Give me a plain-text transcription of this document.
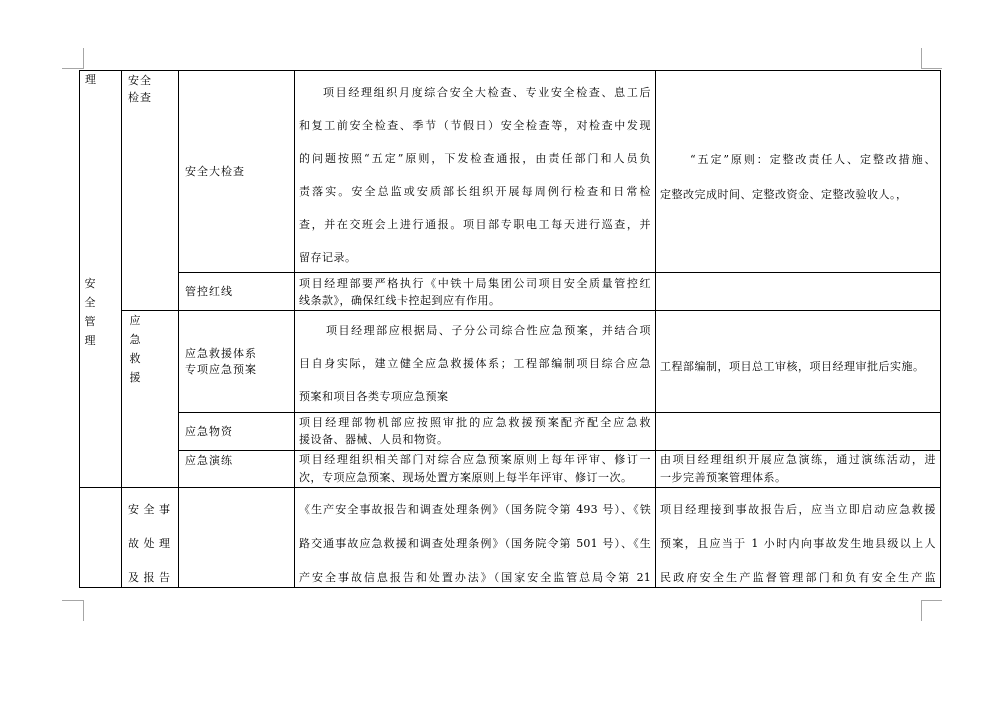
理
安全管理
安全
检查
应急救援
安全大检查
项目经理组织月度综合安全大检查、专业安全检查、息工后
和复工前安全检查、季节（节假日）安全检查等，对检查中发现
的问题按照“五定”原则，下发检查通报，由责任部门和人员负
责落实。安全总监或安质部长组织开展每周例行检查和日常检
查，并在交班会上进行通报。项目部专职电工每天进行巡查，并
留存记录。
“五定”原则：定整改责任人、定整改措施、
定整改完成时间、定整改资金、定整改验收人。，
管控红线
项目经理部要严格执行《中铁十局集团公司项目安全质量管控红
线条款》，确保红线卡控起到应有作用。
应急救援体系
专项应急预案
项目经理部应根据局、子分公司综合性应急预案，并结合项
目自身实际，建立健全应急救援体系；工程部编制项目综合应急
预案和项目各类专项应急预案
工程部编制，项目总工审核，项目经理审批后实施。
应急物资
项目经理部物机部应按照审批的应急救援预案配齐配全应急救
援设备、器械、人员和物资。
应急演练	项目经理组织相关部门对综合应急预案原则上每年评审、修订一
次，专项应急预案、现场处置方案原则上每半年评审、修订一次。
由项目经理组织开展应急演练，通过演练活动，进
一步完善预案管理体系。
安全事
故处理
及报告
《生产安全事故报告和调查处理条例》（国务院令第 493 号）、《铁
路交通事故应急救援和调查处理条例》（国务院令第 501 号）、《生
产安全事故信息报告和处置办法》（国家安全监管总局令第 21
项目经理接到事故报告后，应当立即启动应急救援
预案，且应当于 1 小时内向事故发生地县级以上人
民政府安全生产监督管理部门和负有安全生产监
